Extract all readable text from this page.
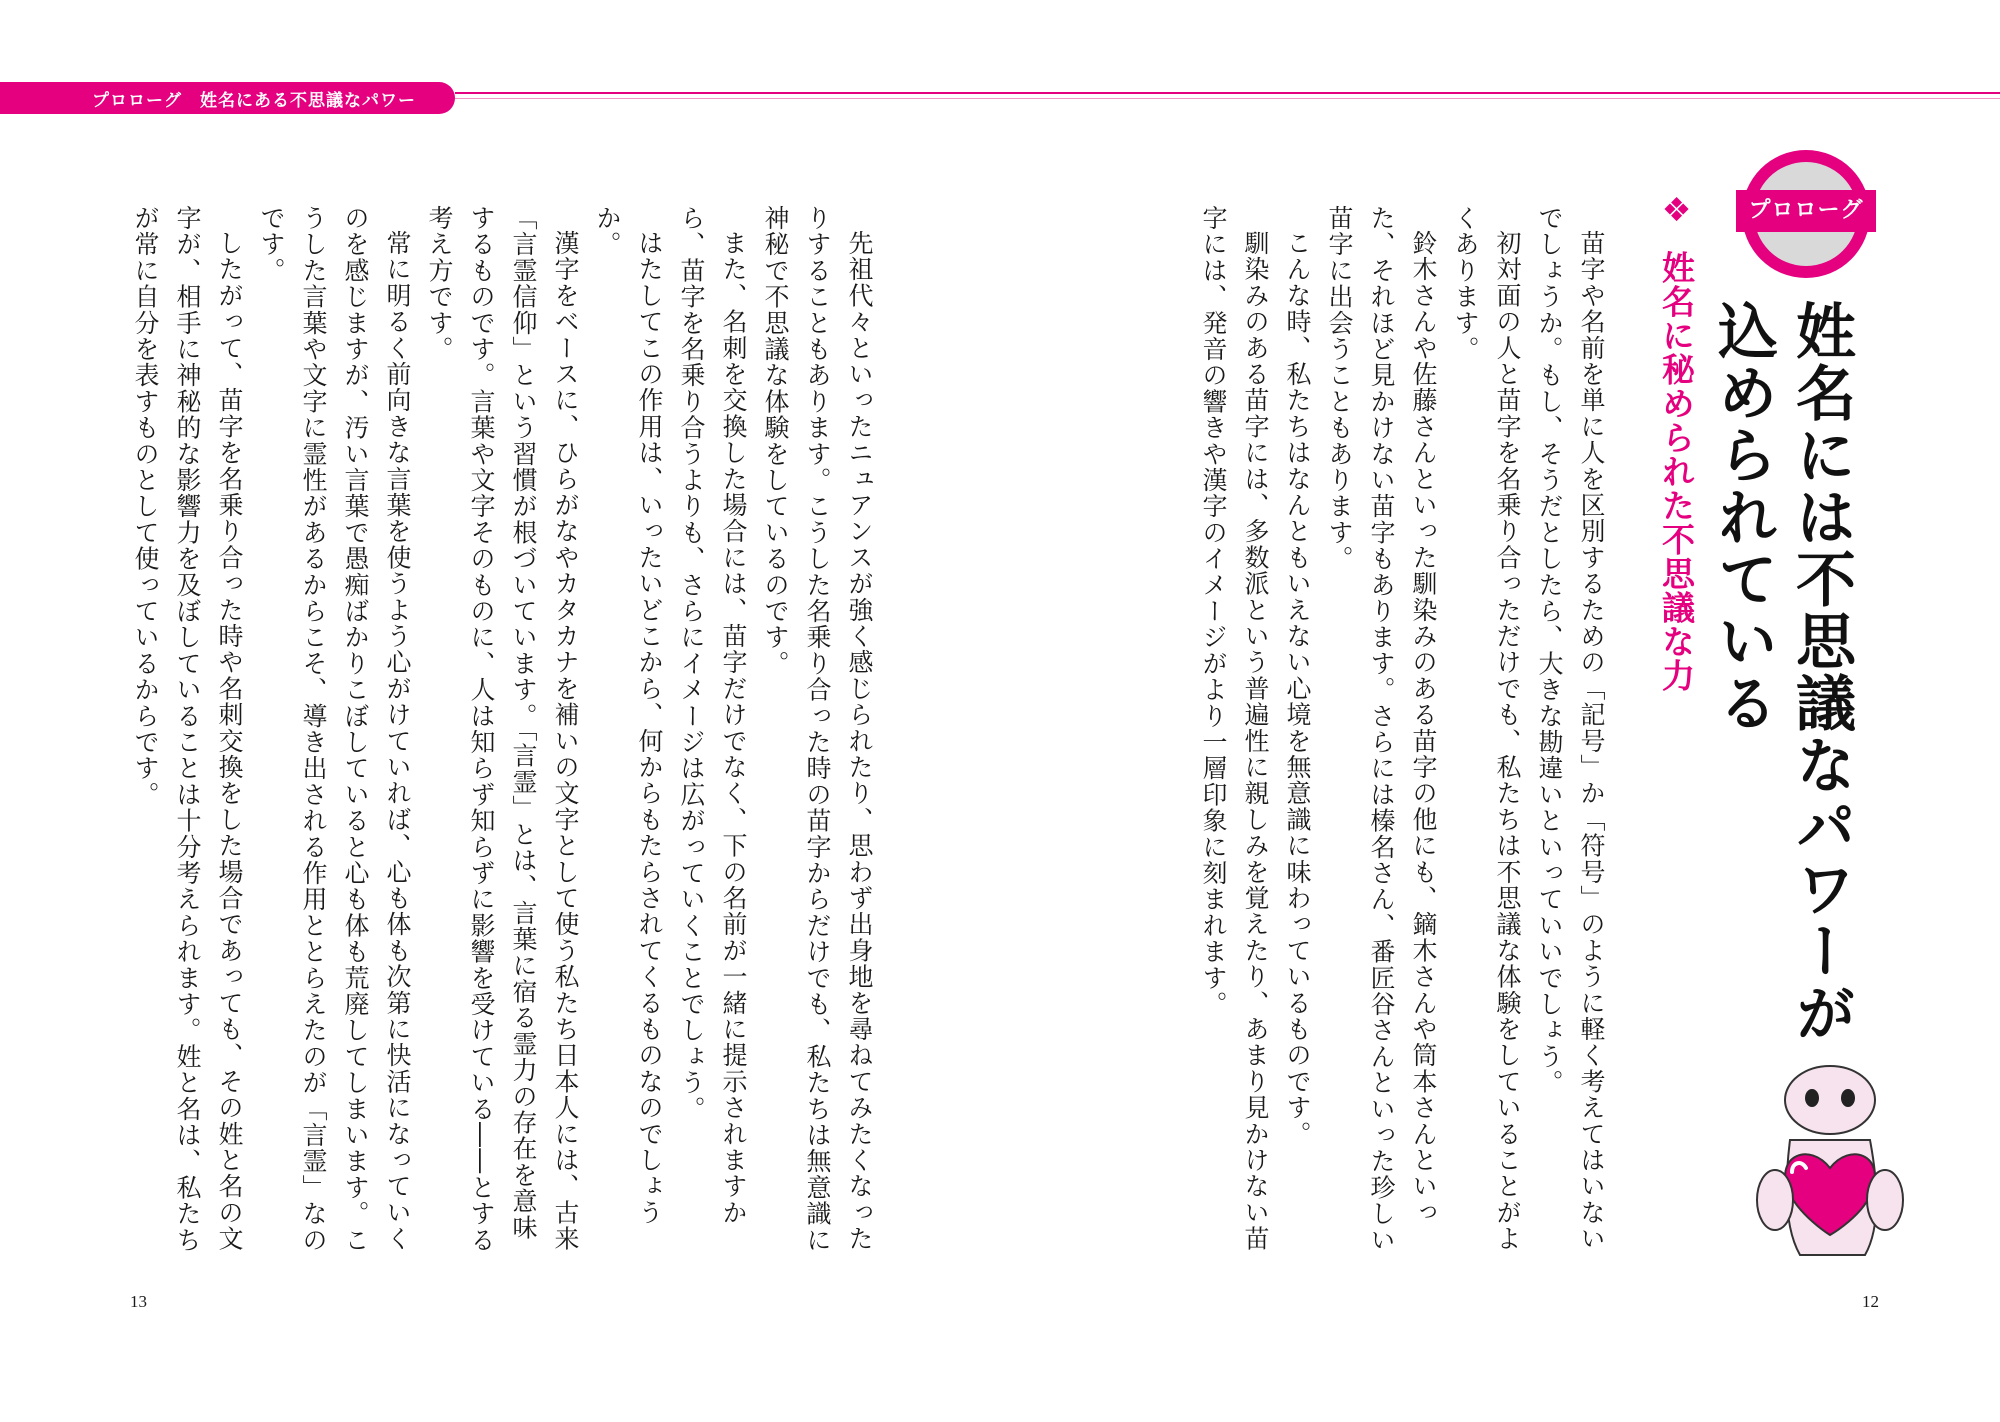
プロローグ　姓名にある不思議なパワー
プロローグ
姓名には不思議なパワーが込められている
❖ 姓名に秘められた不思議な力

苗字や名前を単に人を区別するための「記号」か「符号」のように軽く考えてはいないでしょうか。もし、そうだとしたら、大きな勘違いといっていいでしょう。

初対面の人と苗字を名乗り合っただけでも、私たちは不思議な体験をしていることがよくあります。

鈴木さんや佐藤さんといった馴染みのある苗字の他にも、鏑木さんや筒本さんといった、それほど見かけない苗字もあります。さらには榛名さん、番匠谷さんといった珍しい苗字に出会うこともあります。

こんな時、私たちはなんともいえない心境を無意識に味わっているものです。

馴染みのある苗字には、多数派という普遍性に親しみを覚えたり、あまり見かけない苗字には、発音の響きや漢字のイメージがより一層印象に刻まれます。

先祖代々といったニュアンスが強く感じられたり、思わず出身地を尋ねてみたくなったりすることもあります。こうした名乗り合った時の苗字からだけでも、私たちは無意識に神秘で不思議な体験をしているのです。

また、名刺を交換した場合には、苗字だけでなく、下の名前が一緒に提示されますから、苗字を名乗り合うよりも、さらにイメージは広がっていくことでしょう。

はたしてこの作用は、いったいどこから、何からもたらされてくるものなのでしょうか。

漢字をベースに、ひらがなやカタカナを補いの文字として使う私たち日本人には、古来「言霊信仰」という習慣が根づいています。「言霊」とは、言葉に宿る霊力の存在を意味するものです。言葉や文字そのものに、人は知らず知らずに影響を受けている――とする考え方です。

常に明るく前向きな言葉を使うよう心がけていれば、心も体も次第に快活になっていくのを感じますが、汚い言葉で愚痴ばかりこぼしていると心も体も荒廃してしまいます。こうした言葉や文字に霊性があるからこそ、導き出される作用ととらえたのが「言霊」なのです。

したがって、苗字を名乗り合った時や名刺交換をした場合であっても、その姓と名の文字が、相手に神秘的な影響力を及ぼしていることは十分考えられます。姓と名は、私たちが常に自分を表すものとして使っているからです。

13	12
